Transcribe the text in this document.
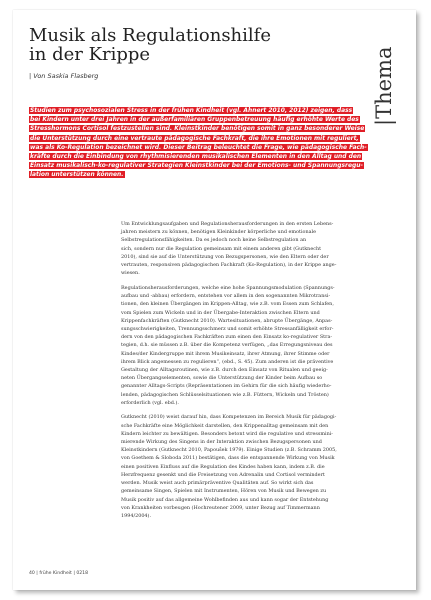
Musik als Regulationshilfe
in der Krippe
| Von Saskia Flasberg	|Thema
Studien zum psychosozialen Stress in der frühen Kindheit (vgl. Ahnert 2010, 2012) zeigen, dass
bei Kindern unter drei Jahren in der außerfamiliären Gruppenbetreuung häufig erhöhte Werte des
Stresshormons Cortisol festzustellen sind. Kleinstkinder benötigen somit in ganz besonderer Weise
die Unterstützung durch eine vertraute pädagogische Fachkraft, die ihre Emotionen mit reguliert,
was als Ko-Regulation bezeichnet wird. Dieser Beitrag beleuchtet die Frage, wie pädagogische Fach-
kräfte durch die Einbindung von rhythmisierenden musikalischen Elementen in den Alltag und den
Einsatz musikalisch-ko-regulativer Strategien Kleinstkinder bei der Emotions- und Spannungsregu-
lation unterstützen können.
Um Entwicklungsaufgaben und Regulationsherausforderungen in den ersten Lebens-
jahren meistern zu können, benötigen Kleinkinder körperliche und emotionale
Selbstregulationsfähigkeiten. Da es jedoch noch keine Selbstregulation an
sich, sondern nur die Regulation gemeinsam mit einem anderen gibt (Gutknecht
2010), sind sie auf die Unterstützung von Bezugspersonen, wie den Eltern oder der
vertrauten, responsiven pädagogischen Fachkraft (Ko-Regulation), in der Krippe ange-
wiesen.
Regulationsherausforderungen, welche eine hohe Spannungsmodulation (Spannungs-
aufbau und -abbau) erfordern, entstehen vor allem in den sogenannten Mikrotransi-
tionen, den kleinen Übergängen im Krippen-Alltag, wie z.B. vom Essen zum Schlafen,
vom Spielen zum Wickeln und in der Übergabe-Interaktion zwischen Eltern und
Krippenfachkräften (Gutknecht 2010). Wartesituationen, abrupte Übergänge, Anpas-
sungsschwierigkeiten, Trennungsschmerz und somit erhöhte Stressanfälligkeit erfor-
dern von den pädagogischen Fachkräften zum einen den Einsatz ko-regulativer Stra-
tegien, d.h. sie müssen z.B. über die Kompetenz verfügen, „das Erregungsniveau des
Kindes/der Kindergruppe mit ihrem Musikeinsatz, ihrer Atmung, ihrer Stimme oder
ihrem Blick angemessen zu regulieren“, (ebd., S. 45). Zum anderen ist die präventive
Gestaltung der Alltagsroutinen, wie z.B. durch den Einsatz von Ritualen und geeig-
neten Übergangselementen, sowie die Unterstützung der Kinder beim Aufbau so
genannter Alltags-Scripts (Repräsentationen im Gehirn für die sich häufig wiederho-
lenden, pädagogischen Schlüsselsituationen wie z.B. Füttern, Wickeln und Trösten)
erforderlich (vgl. ebd.).
Gutknecht (2010) weist darauf hin, dass Kompetenzen im Bereich Musik für pädagogi-
sche Fachkräfte eine Möglichkeit darstellen, den Krippenalltag gemeinsam mit den
Kindern leichter zu bewältigen. Besonders betont wird die regulative und stressmini-
mierende Wirkung des Singens in der Interaktion zwischen Bezugspersonen und
Kleinstkindern (Gutknecht 2010, Papoušek 1979). Einige Studien (z.B. Schramm 2005,
von Goethem & Sloboda 2011) bestätigen, dass die entspannende Wirkung von Musik
einen positiven Einfluss auf die Regulation des Kindes haben kann, indem z.B. die
Herzfrequenz gesenkt und die Freisetzung von Adrenalin und Cortisol vermindert
werden. Musik weist auch primärpräventive Qualitäten auf. So wirkt sich das
gemeinsame Singen, Spielen mit Instrumenten, Hören von Musik und Bewegen zu
Musik positiv auf das allgemeine Wohlbefinden aus und kann sogar der Entstehung
von Krankheiten vorbeugen (Hochreutener 2009, unter Bezug auf Timmermann
1994/2004).
40 | frühe Kindheit | 0218
